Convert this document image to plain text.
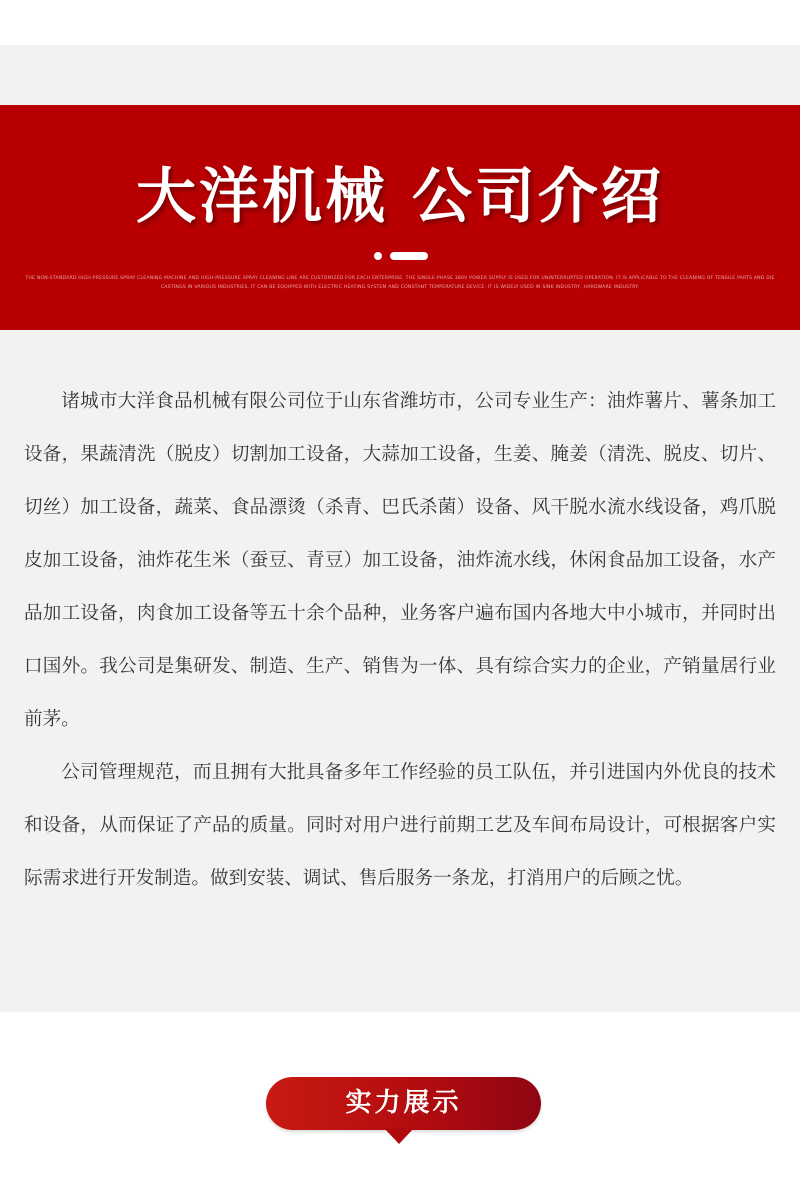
大洋机械 公司介绍

THE NON-STANDARD HIGH-PRESSURE SPRAY CLEANING MACHINE AND HIGH-PRESSURE SPRAY CLEANING LINE ARE CUSTOMIZED FOR EACH ENTERPRISE. THE SINGLE-PHASE 380V POWER SUPPLY IS USED FOR UNINTERRUPTED OPERATION. IT IS APPLICABLE TO THE CLEANING OF TENSILE PARTS AND DIE CASTINGS IN VARIOUS INDUSTRIES. IT CAN BE EQUIPPED WITH ELECTRIC HEATING SYSTEM AND CONSTANT TEMPERATURE DEVICE. IT IS WIDELY USED IN SINK INDUSTRY, HARDWARE INDUSTRY.

诸城市大洋食品机械有限公司位于山东省潍坊市，公司专业生产：油炸薯片、薯条加工设备，果蔬清洗（脱皮）切割加工设备，大蒜加工设备，生姜、腌姜（清洗、脱皮、切片、切丝）加工设备，蔬菜、食品漂烫（杀青、巴氏杀菌）设备、风干脱水流水线设备，鸡爪脱皮加工设备，油炸花生米（蚕豆、青豆）加工设备，油炸流水线，休闲食品加工设备，水产品加工设备，肉食加工设备等五十余个品种，业务客户遍布国内各地大中小城市，并同时出口国外。我公司是集研发、制造、生产、销售为一体、具有综合实力的企业，产销量居行业前茅。

公司管理规范，而且拥有大批具备多年工作经验的员工队伍，并引进国内外优良的技术和设备，从而保证了产品的质量。同时对用户进行前期工艺及车间布局设计，可根据客户实际需求进行开发制造。做到安装、调试、售后服务一条龙，打消用户的后顾之忧。

实力展示
